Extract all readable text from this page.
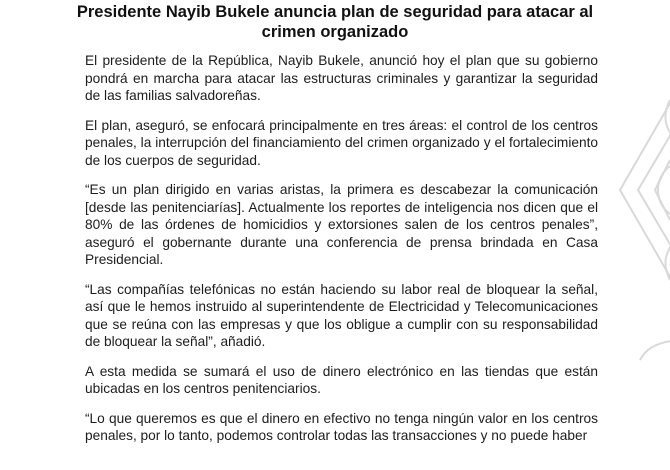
Presidente Nayib Bukele anuncia plan de seguridad para atacar al crimen organizado

El presidente de la República, Nayib Bukele, anunció hoy el plan que su gobierno pondrá en marcha para atacar las estructuras criminales y garantizar la seguridad de las familias salvadoreñas.

El plan, aseguró, se enfocará principalmente en tres áreas: el control de los centros penales, la interrupción del financiamiento del crimen organizado y el fortalecimiento de los cuerpos de seguridad.

“Es un plan dirigido en varias aristas, la primera es descabezar la comunicación [desde las penitenciarías]. Actualmente los reportes de inteligencia nos dicen que el 80% de las órdenes de homicidios y extorsiones salen de los centros penales”, aseguró el gobernante durante una conferencia de prensa brindada en Casa Presidencial.

“Las compañías telefónicas no están haciendo su labor real de bloquear la señal, así que le hemos instruido al superintendente de Electricidad y Telecomunicaciones que se reúna con las empresas y que los obligue a cumplir con su responsabilidad de bloquear la señal”, añadió.

A esta medida se sumará el uso de dinero electrónico en las tiendas que están ubicadas en los centros penitenciarios.

“Lo que queremos es que el dinero en efectivo no tenga ningún valor en los centros penales, por lo tanto, podemos controlar todas las transacciones y no puede haber
